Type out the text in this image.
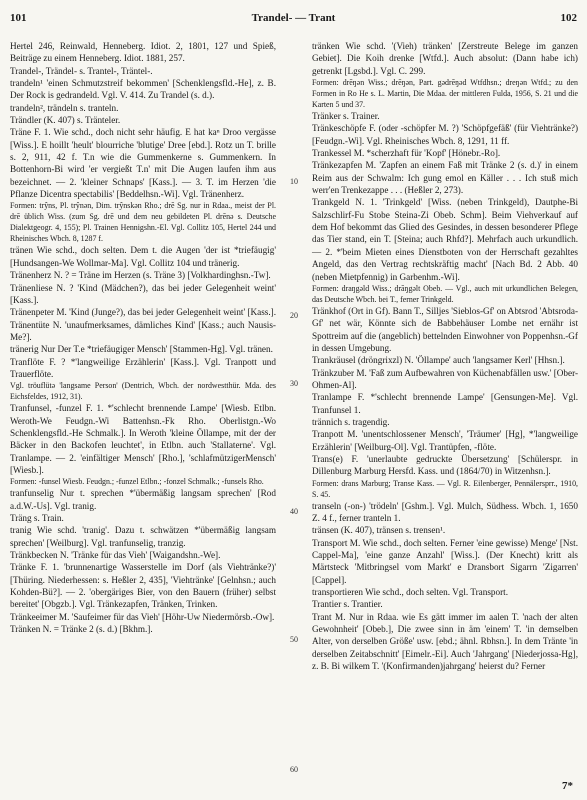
101	Trandel- — Trant	102
Hertel 246, Reinwald, Henneberg. Idiot. 2, 1801, 127 und Spieß, Beiträge zu einem Henneberg. Idiot. 1881, 257.
Trandel-, Trändel- s. Trantel-, Träntel-.
trandeln¹ 'einen Schmutzstreif bekommen' [Schenklengsfld.-He], z. B. Der Rock is gedrandeld. Vgl. V. 414. Zu Trandel (s. d.).
trandeln², trändeln s. tranteln.
Trändler (K. 407) s. Tränteler.
Träne F. 1. Wie schd., doch nicht sehr häufig. E hat kaⁿ Droo vergässe [Wiss.]. E hoillt 'heult' blourriche 'blutige' Dree [ebd.]. Rotz un T. brille s. 2, 911, 42 f. T.n wie die Gummenkerne s. Gummenkern. In Bottenhorn-Bi wird 'er vergießt T.n' mit Die Augen laufen ihm aus bezeichnet. — 2. 'kleiner Schnaps' [Kass.]. — 3. T. im Herzen 'die Pflanze Dicentra spectabilis' [Beddelhsn.-Wi]. Vgl. Tränenherz.
Formen: trŷns, Pl. trŷnǝn, Dim. trŷnskǝn Rho.; drē Sg. nur in Rdaa., meist der Pl. drē üblich Wiss. (zum Sg. drē und dem neu gebildeten Pl. drēnǝ s. Deutsche Dialektgeogr. 4, 155); Pl. Trainen Hennigshn.-El. Vgl. Collitz 105, Hertel 244 und Rheinisches Wbch. 8, 1287 f.
tränen Wie schd., doch selten. Dem t. die Augen 'der ist *triefäugig' [Hundsangen-We Wollmar-Ma]. Vgl. Collitz 104 und tränerig.
Tränenherz N. ? = Träne im Herzen (s. Träne 3) [Volkhardinghsn.-Tw].
Tränenliese N. ? 'Kind (Mädchen?), das bei jeder Gelegenheit weint' [Kass.].
Tränenpeter M. 'Kind (Junge?), das bei jeder Gelegenheit weint' [Kass.].
Tränentüte N. 'unaufmerksames, dämliches Kind' [Kass.; auch Nausis-Me?].
tränerig Nur Der T.e *triefäugiger Mensch' [Stammen-Hg]. Vgl. tränen.
Tranflöte F. ? *'langweilige Erzählerin' [Kass.]. Vgl. Tranpott und Trauerflöte.
Vgl. tröuflütǝ 'langsame Person' (Dentrich, Wbch. der nordwestthür. Mda. des Eichsfeldes, 1912, 31).
Tranfunsel, -funzel F. 1. *'schlecht brennende Lampe' [Wiesb. Etlbn. Weroth-We Feudgn.-Wi Battenhsn.-Fk Rho. Oberlistgn.-Wo Schenklengsfld.-He Schmalk.]. In Weroth 'kleine Öllampe, mit der der Bäcker in den Backofen leuchtet', in Etlbn. auch 'Stallaterne'. Vgl. Tranlampe. — 2. 'einfältiger Mensch' [Rho.], 'schlafmützigerMensch' [Wiesb.].
Formen: -funsel Wiesb. Feudgn.; -funzel Etlbn.; -fonzel Schmalk.; -funsels Rho.
tranfunselig Nur t. sprechen *'übermäßig langsam sprechen' [Rod a.d.W.-Us]. Vgl. tranig.
Träng s. Train.
tranig Wie schd. 'tranig'. Dazu t. schwätzen *'übermäßig langsam sprechen' [Weilburg]. Vgl. tranfunselig, tranzig.
Tränkbecken N. 'Tränke für das Vieh' [Waigandshn.-We].
Tränke F. 1. 'brunnenartige Wasserstelle im Dorf (als Viehtränke?)' [Thüring. Niederhessen: s. Heßler 2, 435], 'Viehtränke' [Gelnhsn.; auch Kohden-Bü?]. — 2. 'obergäriges Bier, von den Bauern (früher) selbst bereitet' [Obgzb.]. Vgl. Tränkezapfen, Tränken, Trinken.
Tränkeeimer M. 'Saufeimer für das Vieh' [Höhr-Uw Niedermörsb.-Ow].
Tränken N. = Tränke 2 (s. d.) [Bkhm.].
10
20
30
40
50
60
tränken Wie schd. '(Vieh) tränken' [Zerstreute Belege im ganzen Gebiet]. Die Koih drenke [Wtfd.]. Auch absolut: (Dann habe ich) getrenkt [Lgsbd.]. Vgl. C. 299.
Formen: drēŋǝn Wiss.; drēŋǝn, Part. gǝdrēŋǝd Wtfdhsn.; dreŋǝn Wtfd.; zu den Formen in Ro He s. L. Martin, Die Mdaa. der mittleren Fulda, 1956, S. 21 und die Karten 5 und 37.
Tränker s. Trainer.
Tränkeschöpfe F. (oder -schöpfer M. ?) 'Schöpfgefäß' (für Viehtränke?) [Feudgn.-Wi]. Vgl. Rheinisches Wbch. 8, 1291, 11 ff.
Trankessel M. *scherzhaft für 'Kopf' [Hönebr.-Ro].
Tränkezapfen M. 'Zapfen an einem Faß mit Tränke 2 (s. d.)' in einem Reim aus der Schwalm: Ich gung emol en Käller . . . Ich stuß mich werr'en Trenkezappe . . . (Heßler 2, 273).
Trankgeld N. 1. 'Trinkgeld' [Wiss. (neben Trinkgeld), Dautphe-Bi Salzschlirf-Fu Stobe Steina-Zi Obeb. Schm]. Beim Viehverkauf auf dem Hof bekommt das Glied des Gesindes, in dessen besonderer Pflege das Tier stand, ein T. [Steina; auch Rhfd?]. Mehrfach auch urkundlich. — 2. *'beim Mieten eines Dienstboten von der Herrschaft gezahltes Angeld, das den Vertrag rechtskräftig macht' [Nach Bd. 2 Abb. 40 (neben Mietpfennig) in Garbenhm.-Wi].
Formen: draŋgǝld Wiss.; drāŋgǝlt Obeb. — Vgl., auch mit urkundlichen Belegen, das Deutsche Wbch. bei T., ferner Trinkgeld.
Tränkhof (Ort in Gf). Bann T., Silljes 'Sieblos-Gf' on Abtsrod 'Abtsroda-Gf' net wär, Könnte sich de Babbehäuser Lombe net ernähr ist Spottreim auf die (angeblich) bettelnden Einwohner von Poppenhsn.-Gf in dessen Umgebung.
Trankräusel (dröngrixzl) N. 'Öllampe' auch 'langsamer Kerl' [Hhsn.].
Tränkzuber M. 'Faß zum Aufbewahren von Küchenabfällen usw.' [Ober-Ohmen-Al].
Tranlampe F. *'schlecht brennende Lampe' [Gensungen-Me]. Vgl. Tranfunsel 1.
trännich s. tragendig.
Tranpott M. 'unentschlossener Mensch', 'Träumer' [Hg], *'langweilige Erzählerin' [Weilburg-Ol]. Vgl. Trantüpfen, -flöte.
Trans(e) F. 'unerlaubte gedruckte Übersetzung' [Schülerspr. in Dillenburg Marburg Hersfd. Kass. und (1864/70) in Witzenhsn.].
Formen: drans Marburg; Transe Kass. — Vgl. R. Eilenberger, Pennälersprr., 1910, S. 45.
transeln (-on-) 'trödeln' [Gshm.]. Vgl. Mulch, Südhess. Wbch. 1, 1650 Z. 4 f., ferner tranteln 1.
tränsen (K. 407), tränsen s. trensen¹.
Transport M. Wie schd., doch selten. Ferner 'eine gewisse) Menge' [Nst. Cappel-Ma], 'eine ganze Anzahl' [Wiss.]. (Der Knecht) kritt als Märtsteck 'Mitbringsel vom Markt' e Dransbort Sigarrn 'Zigarren' [Cappel].
transportieren Wie schd., doch selten. Vgl. Transport.
Trantier s. Trantier.
Trant M. Nur in Rdaa. wie Es gätt immer im aalen T. 'nach der alten Gewohnheit' [Obeb.], Die zwee sinn in äm 'einem' T. 'in demselben Alter, von derselben Größe' usw. [ebd.; ähnl. Rbhsn.]. In dem Tränte 'in derselben Zeitabschnitt' [Eimelr.-Ei]. Auch 'Jahrgang' [Niederjossa-Hg], z. B. Bi wilkem T. '(Konfirmanden)jahrgang' heierst du? Ferner
7*
